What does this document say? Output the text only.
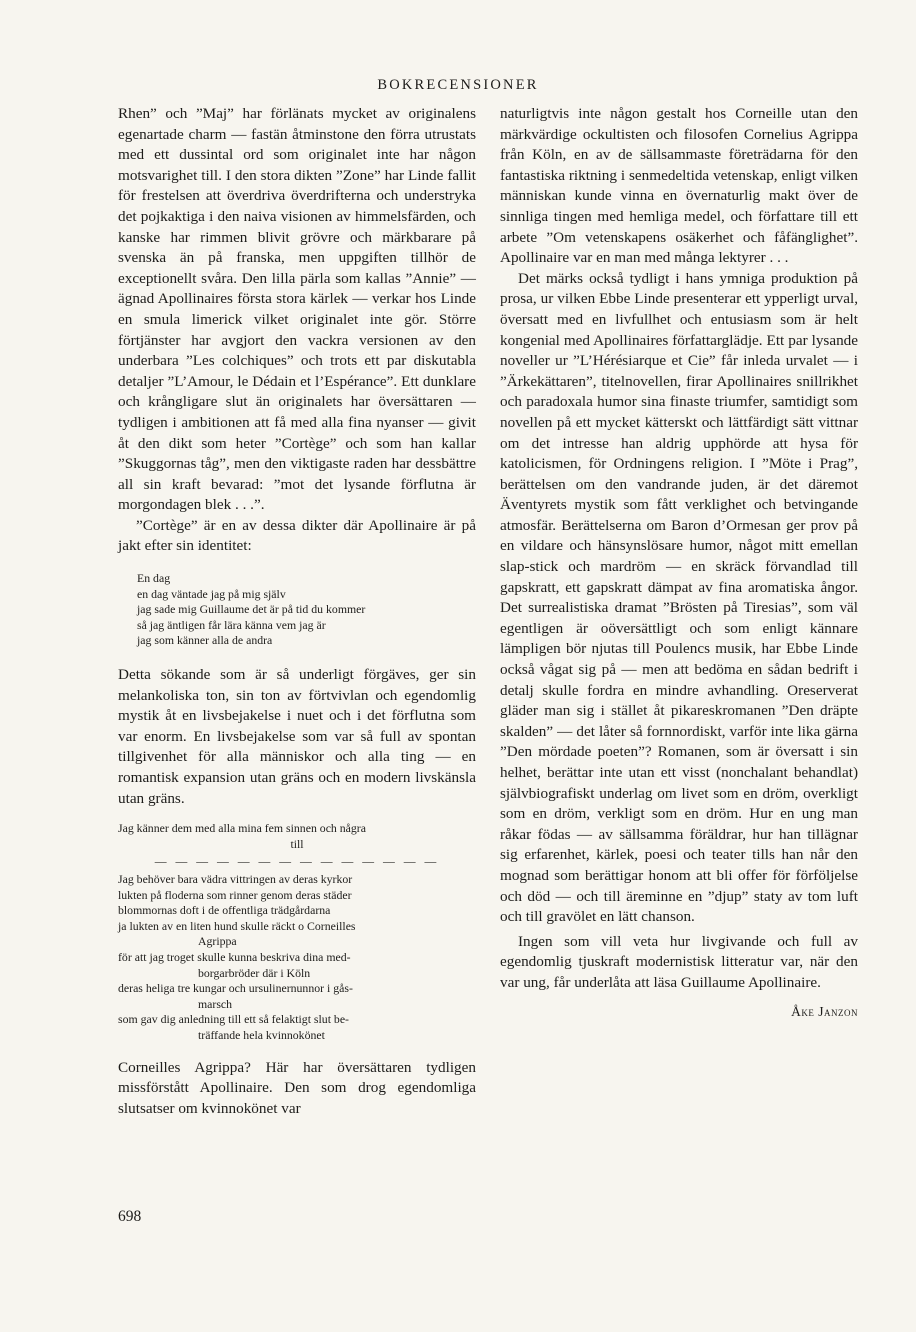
BOKRECENSIONER

Rhen” och ”Maj” har förlänats mycket av originalens egenartade charm — fastän åtminstone den förra utrustats med ett dussintal ord som originalet inte har någon motsvarighet till. I den stora dikten ”Zone” har Linde fallit för frestelsen att överdriva överdrifterna och understryka det pojkaktiga i den naiva visionen av himmelsfärden, och kanske har rimmen blivit grövre och märkbarare på svenska än på franska, men uppgiften tillhör de exceptionellt svåra. Den lilla pärla som kallas ”Annie” — ägnad Apollinaires första stora kärlek — verkar hos Linde en smula limerick vilket originalet inte gör. Större förtjänster har avgjort den vackra versionen av den underbara ”Les colchiques” och trots ett par diskutabla detaljer ”L’Amour, le Dédain et l’Espérance”. Ett dunklare och krångligare slut än originalets har översättaren — tydligen i ambitionen att få med alla fina nyanser — givit åt den dikt som heter ”Cortège” och som han kallar ”Skuggornas tåg”, men den viktigaste raden har dessbättre all sin kraft bevarad: ”mot det lysande förflutna är morgondagen blek . . .”.

”Cortège” är en av dessa dikter där Apollinaire är på jakt efter sin identitet:

En dag
en dag väntade jag på mig själv
jag sade mig Guillaume det är på tid du kommer
så jag äntligen får lära känna vem jag är
jag som känner alla de andra

Detta sökande som är så underligt förgäves, ger sin melankoliska ton, sin ton av förtvivlan och egendomlig mystik åt en livsbejakelse i nuet och i det förflutna som var enorm. En livsbejakelse som var så full av spontan tillgivenhet för alla människor och alla ting — en romantisk expansion utan gräns och en modern livskänsla utan gräns.

Jag känner dem med alla mina fem sinnen och några
till
— — — — — — — — — — — — — —
Jag behöver bara vädra vittringen av deras kyrkor
lukten på floderna som rinner genom deras städer
blommornas doft i de offentliga trädgårdarna
ja lukten av en liten hund skulle räckt o Corneilles
Agrippa
för att jag troget skulle kunna beskriva dina med-
borgarbröder där i Köln
deras heliga tre kungar och ursulinernunnor i gås-
marsch
som gav dig anledning till ett så felaktigt slut be-
träffande hela kvinnokönet

Corneilles Agrippa? Här har översättaren tydligen missförstått Apollinaire. Den som drog egendomliga slutsatser om kvinnokönet var

naturligtvis inte någon gestalt hos Corneille utan den märkvärdige ockultisten och filosofen Cornelius Agrippa från Köln, en av de sällsammaste företrädarna för den fantastiska riktning i senmedeltida vetenskap, enligt vilken människan kunde vinna en övernaturlig makt över de sinnliga tingen med hemliga medel, och författare till ett arbete ”Om vetenskapens osäkerhet och fåfänglighet”. Apollinaire var en man med många lektyrer . . .

Det märks också tydligt i hans ymniga produktion på prosa, ur vilken Ebbe Linde presenterar ett ypperligt urval, översatt med en livfullhet och entusiasm som är helt kongenial med Apollinaires författarglädje. Ett par lysande noveller ur ”L’Hérésiarque et Cie” får inleda urvalet — i ”Ärkekättaren”, titelnovellen, firar Apollinaires snillrikhet och paradoxala humor sina finaste triumfer, samtidigt som novellen på ett mycket kätterskt och lättfärdigt sätt vittnar om det intresse han aldrig upphörde att hysa för katolicismen, för Ordningens religion. I ”Möte i Prag”, berättelsen om den vandrande juden, är det däremot Äventyrets mystik som fått verklighet och betvingande atmosfär. Berättelserna om Baron d’Ormesan ger prov på en vildare och hänsynslösare humor, något mitt emellan slap-stick och mardröm — en skräck förvandlad till gapskratt, ett gapskratt dämpat av fina aromatiska ångor. Det surrealistiska dramat ”Brösten på Tiresias”, som väl egentligen är oöversättligt och som enligt kännare lämpligen bör njutas till Poulencs musik, har Ebbe Linde också vågat sig på — men att bedöma en sådan bedrift i detalj skulle fordra en mindre avhandling. Oreserverat gläder man sig i stället åt pikareskromanen ”Den dräpte skalden” — det låter så fornnordiskt, varför inte lika gärna ”Den mördade poeten”? Romanen, som är översatt i sin helhet, berättar inte utan ett visst (nonchalant behandlat) självbiografiskt underlag om livet som en dröm, overkligt som en dröm, verkligt som en dröm. Hur en ung man råkar födas — av sällsamma föräldrar, hur han tillägnar sig erfarenhet, kärlek, poesi och teater tills han når den mognad som berättigar honom att bli offer för förföljelse och död — och till äreminne en ”djup” staty av tom luft och till gravölet en lätt chanson.

Ingen som vill veta hur livgivande och full av egendomlig tjuskraft modernistisk litteratur var, när den var ung, får underlåta att läsa Guillaume Apollinaire.

Åke Janzon
698
